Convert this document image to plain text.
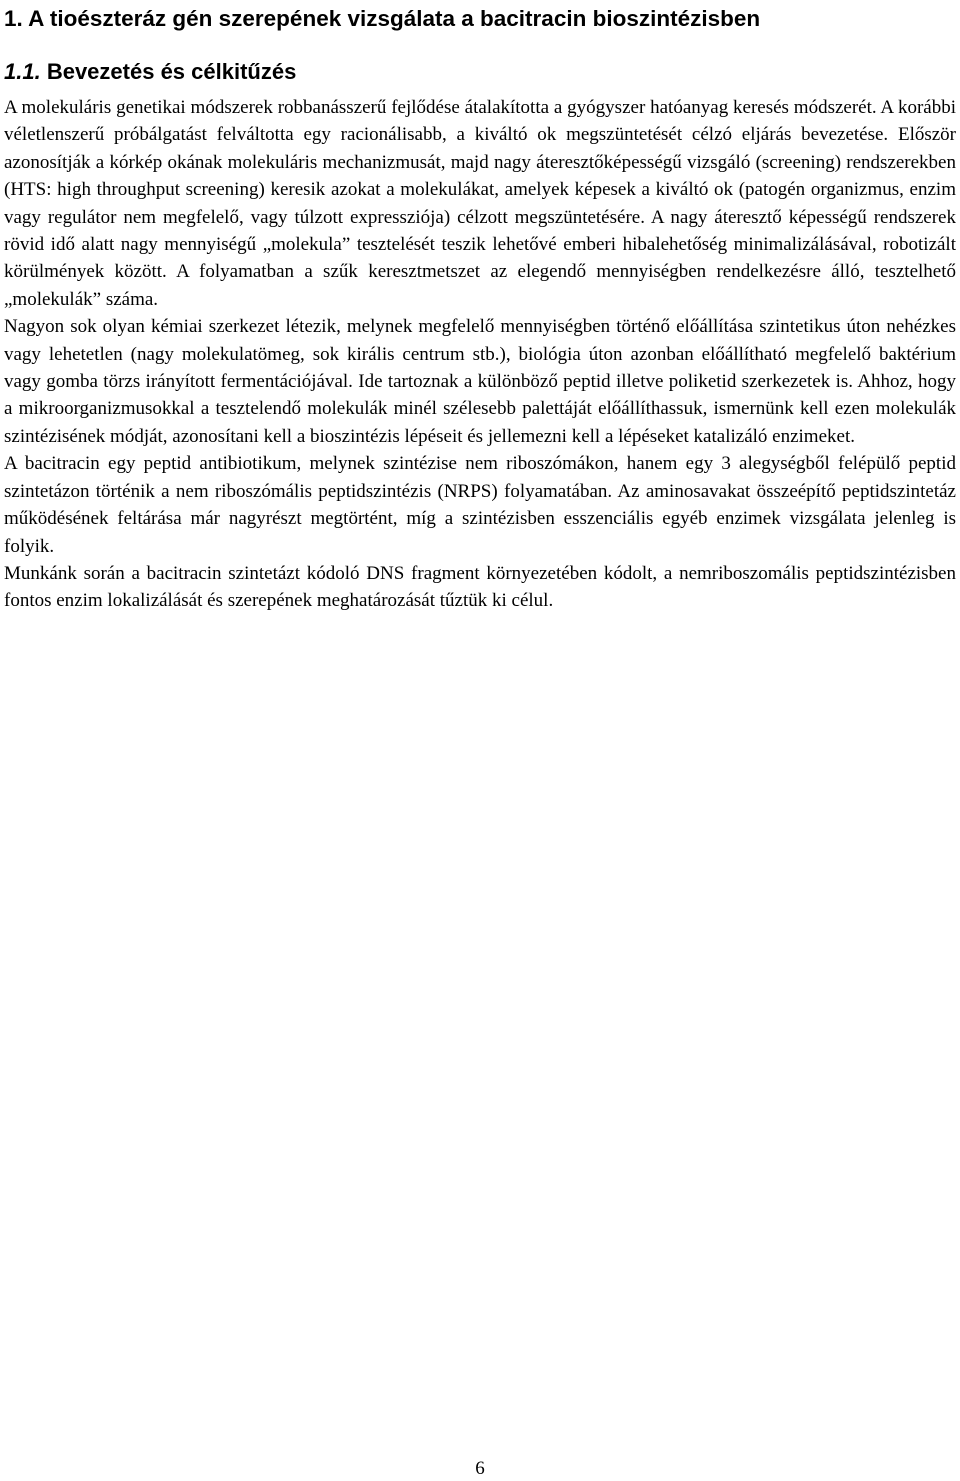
1. A tioészteráz gén szerepének vizsgálata a bacitracin bioszintézisben
1.1. Bevezetés és célkitűzés

A molekuláris genetikai módszerek robbanásszerű fejlődése átalakította a gyógyszer hatóanyag keresés módszerét. A korábbi véletlenszerű próbálgatást felváltotta egy racionálisabb, a kiváltó ok megszüntetését célzó eljárás bevezetése. Először azonosítják a kórkép okának molekuláris mechanizmusát, majd nagy áteresztőképességű vizsgáló (screening) rendszerekben (HTS: high throughput screening) keresik azokat a molekulákat, amelyek képesek a kiváltó ok (patogén organizmus, enzim vagy regulátor nem megfelelő, vagy túlzott expressziója) célzott megszüntetésére. A nagy áteresztő képességű rendszerek rövid idő alatt nagy mennyiségű „molekula” tesztelését teszik lehetővé emberi hibalehetőség minimalizálásával, robotizált körülmények között. A folyamatban a szűk keresztmetszet az elegendő mennyiségben rendelkezésre álló, tesztelhető „molekulák” száma.

Nagyon sok olyan kémiai szerkezet létezik, melynek megfelelő mennyiségben történő előállítása szintetikus úton nehézkes vagy lehetetlen (nagy molekulatömeg, sok királis centrum stb.), biológia úton azonban előállítható megfelelő baktérium vagy gomba törzs irányított fermentációjával. Ide tartoznak a különböző peptid illetve poliketid szerkezetek is. Ahhoz, hogy a mikroorganizmusokkal a tesztelendő molekulák minél szélesebb palettáját előállíthassuk, ismernünk kell ezen molekulák szintézisének módját, azonosítani kell a bioszintézis lépéseit és jellemezni kell a lépéseket katalizáló enzimeket.

A bacitracin egy peptid antibiotikum, melynek szintézise nem riboszómákon, hanem egy 3 alegységből felépülő peptid szintetázon történik a nem riboszómális peptidszintézis (NRPS) folyamatában. Az aminosavakat összeépítő peptidszintetáz működésének feltárása már nagyrészt megtörtént, míg a szintézisben esszenciális egyéb enzimek vizsgálata jelenleg is folyik.

Munkánk során a bacitracin szintetázt kódoló DNS fragment környezetében kódolt, a nemriboszomális peptidszintézisben fontos enzim lokalizálását és szerepének meghatározását tűztük ki célul.

6
